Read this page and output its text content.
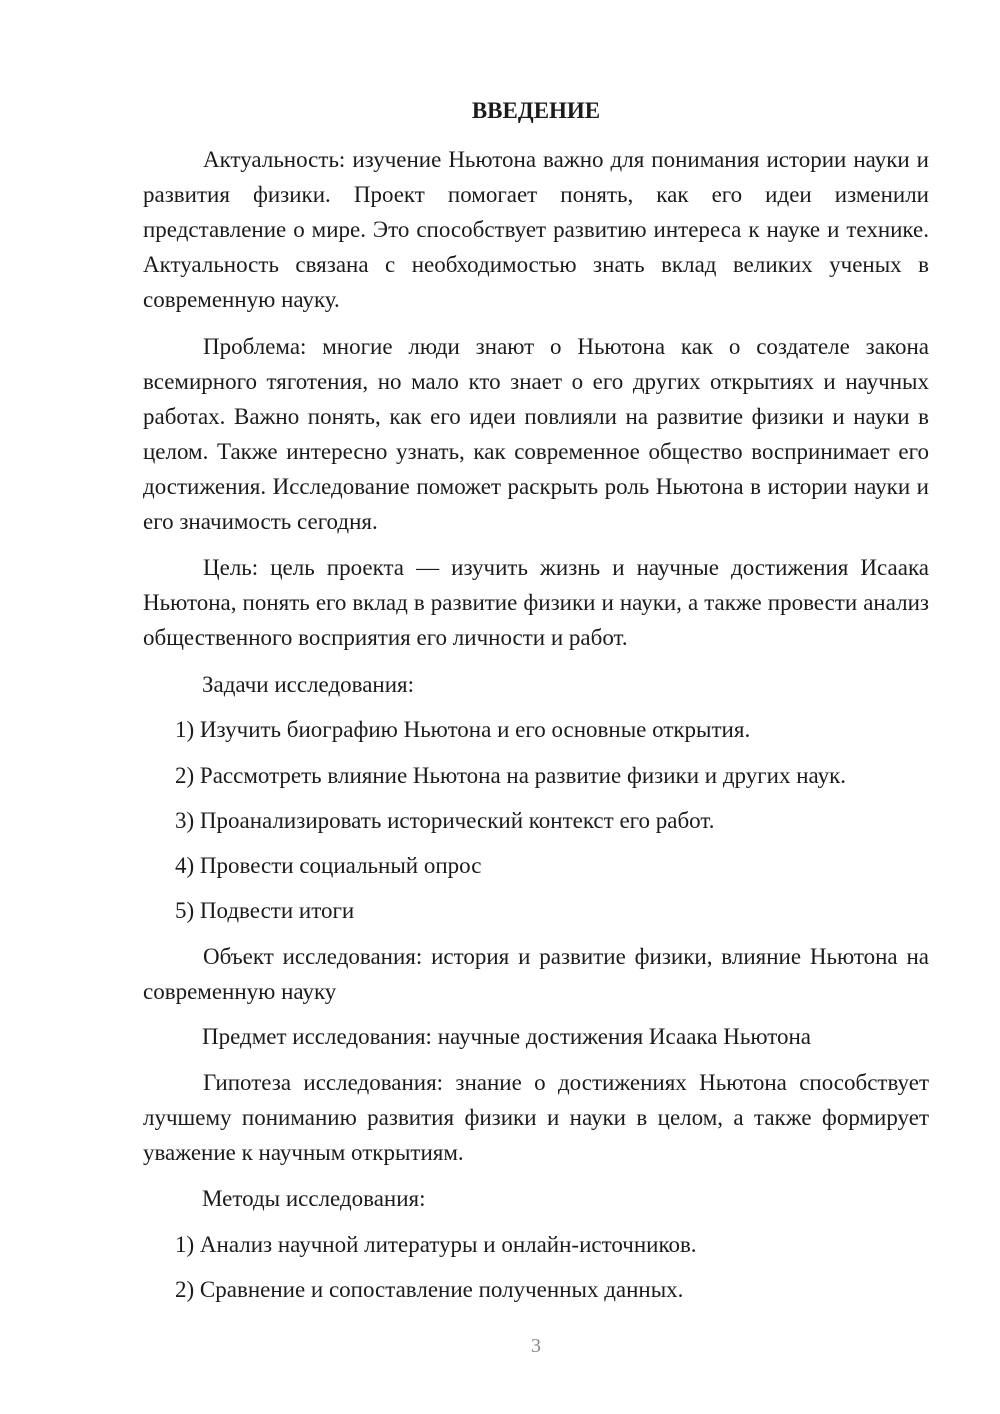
ВВЕДЕНИЕ

Актуальность: изучение Ньютона важно для понимания истории науки и развития физики. Проект помогает понять, как его идеи изменили представление о мире. Это способствует развитию интереса к науке и технике. Актуальность связана с необходимостью знать вклад великих ученых в современную науку.

Проблема: многие люди знают о Ньютона как о создателе закона всемирного тяготения, но мало кто знает о его других открытиях и научных работах. Важно понять, как его идеи повлияли на развитие физики и науки в целом. Также интересно узнать, как современное общество воспринимает его достижения. Исследование поможет раскрыть роль Ньютона в истории науки и его значимость сегодня.

Цель: цель проекта — изучить жизнь и научные достижения Исаака Ньютона, понять его вклад в развитие физики и науки, а также провести анализ общественного восприятия его личности и работ.

Задачи исследования:

1) Изучить биографию Ньютона и его основные открытия.

2) Рассмотреть влияние Ньютона на развитие физики и других наук.

3) Проанализировать исторический контекст его работ.

4) Провести социальный опрос

5) Подвести итоги

Объект исследования: история и развитие физики, влияние Ньютона на современную науку

Предмет исследования: научные достижения Исаака Ньютона

Гипотеза исследования: знание о достижениях Ньютона способствует лучшему пониманию развития физики и науки в целом, а также формирует уважение к научным открытиям.

Методы исследования:

1) Анализ научной литературы и онлайн-источников.

2) Сравнение и сопоставление полученных данных.

3
